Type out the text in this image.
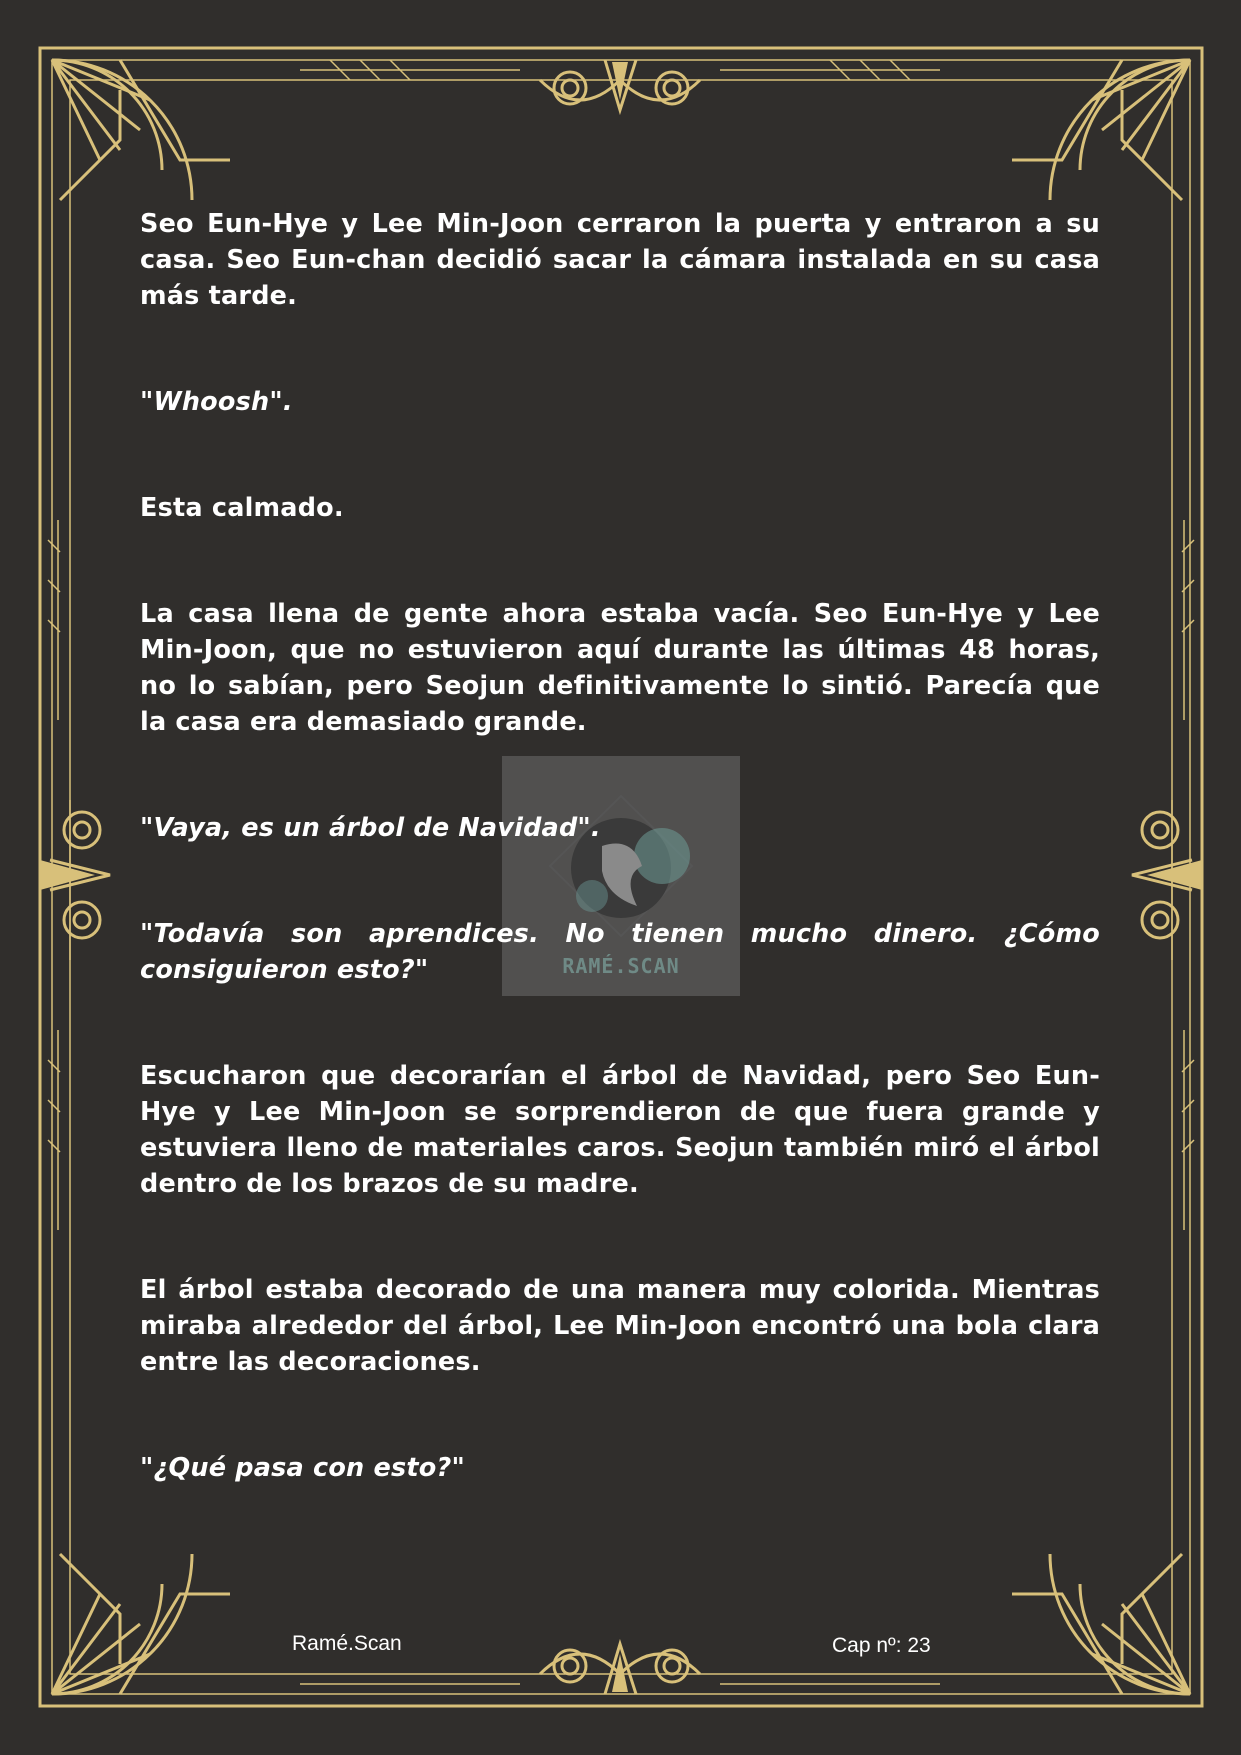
RAMÉ.SCAN

Seo Eun-Hye y Lee Min-Joon cerraron la puerta y entraron a su casa. Seo Eun-chan decidió sacar la cámara instalada en su casa más tarde.

"Whoosh".

Esta calmado.

La casa llena de gente ahora estaba vacía. Seo Eun-Hye y Lee Min-Joon, que no estuvieron aquí durante las últimas 48 horas, no lo sabían, pero Seojun definitivamente lo sintió. Parecía que la casa era demasiado grande.

"Vaya, es un árbol de Navidad".

"Todavía son aprendices. No tienen mucho dinero. ¿Cómo consiguieron esto?"

Escucharon que decorarían el árbol de Navidad, pero Seo Eun-Hye y Lee Min-Joon se sorprendieron de que fuera grande y estuviera lleno de materiales caros. Seojun también miró el árbol dentro de los brazos de su madre.

El árbol estaba decorado de una manera muy colorida. Mientras miraba alrededor del árbol, Lee Min-Joon encontró una bola clara entre las decoraciones.

"¿Qué pasa con esto?"

Ramé.Scan	Cap nº: 23
